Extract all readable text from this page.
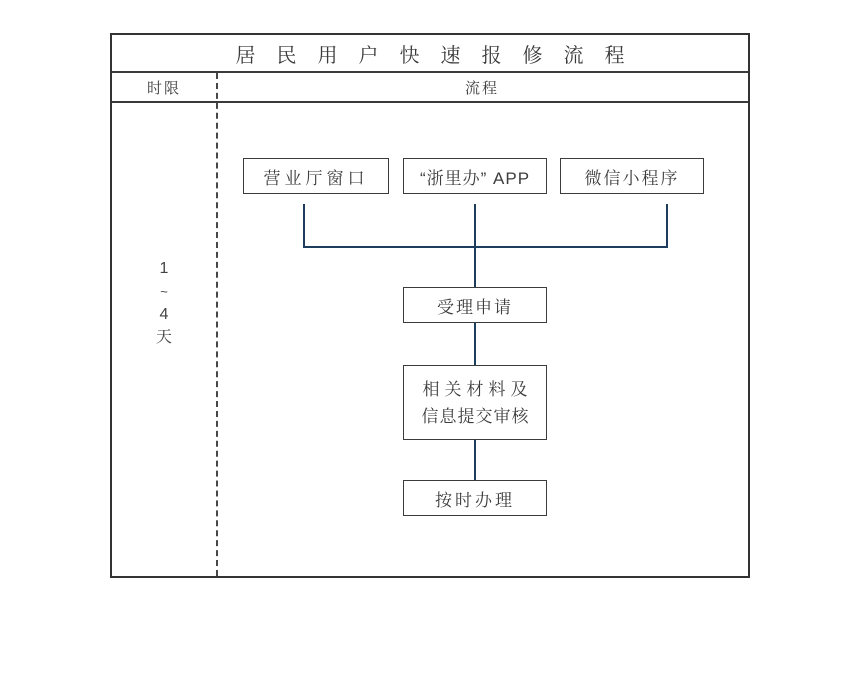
居民用户快速报修流程
时限	流程
1
~
4
天
营业厅窗口	“浙里办” APP	微信小程序
受理申请
相关材料及
信息提交审核
按时办理
